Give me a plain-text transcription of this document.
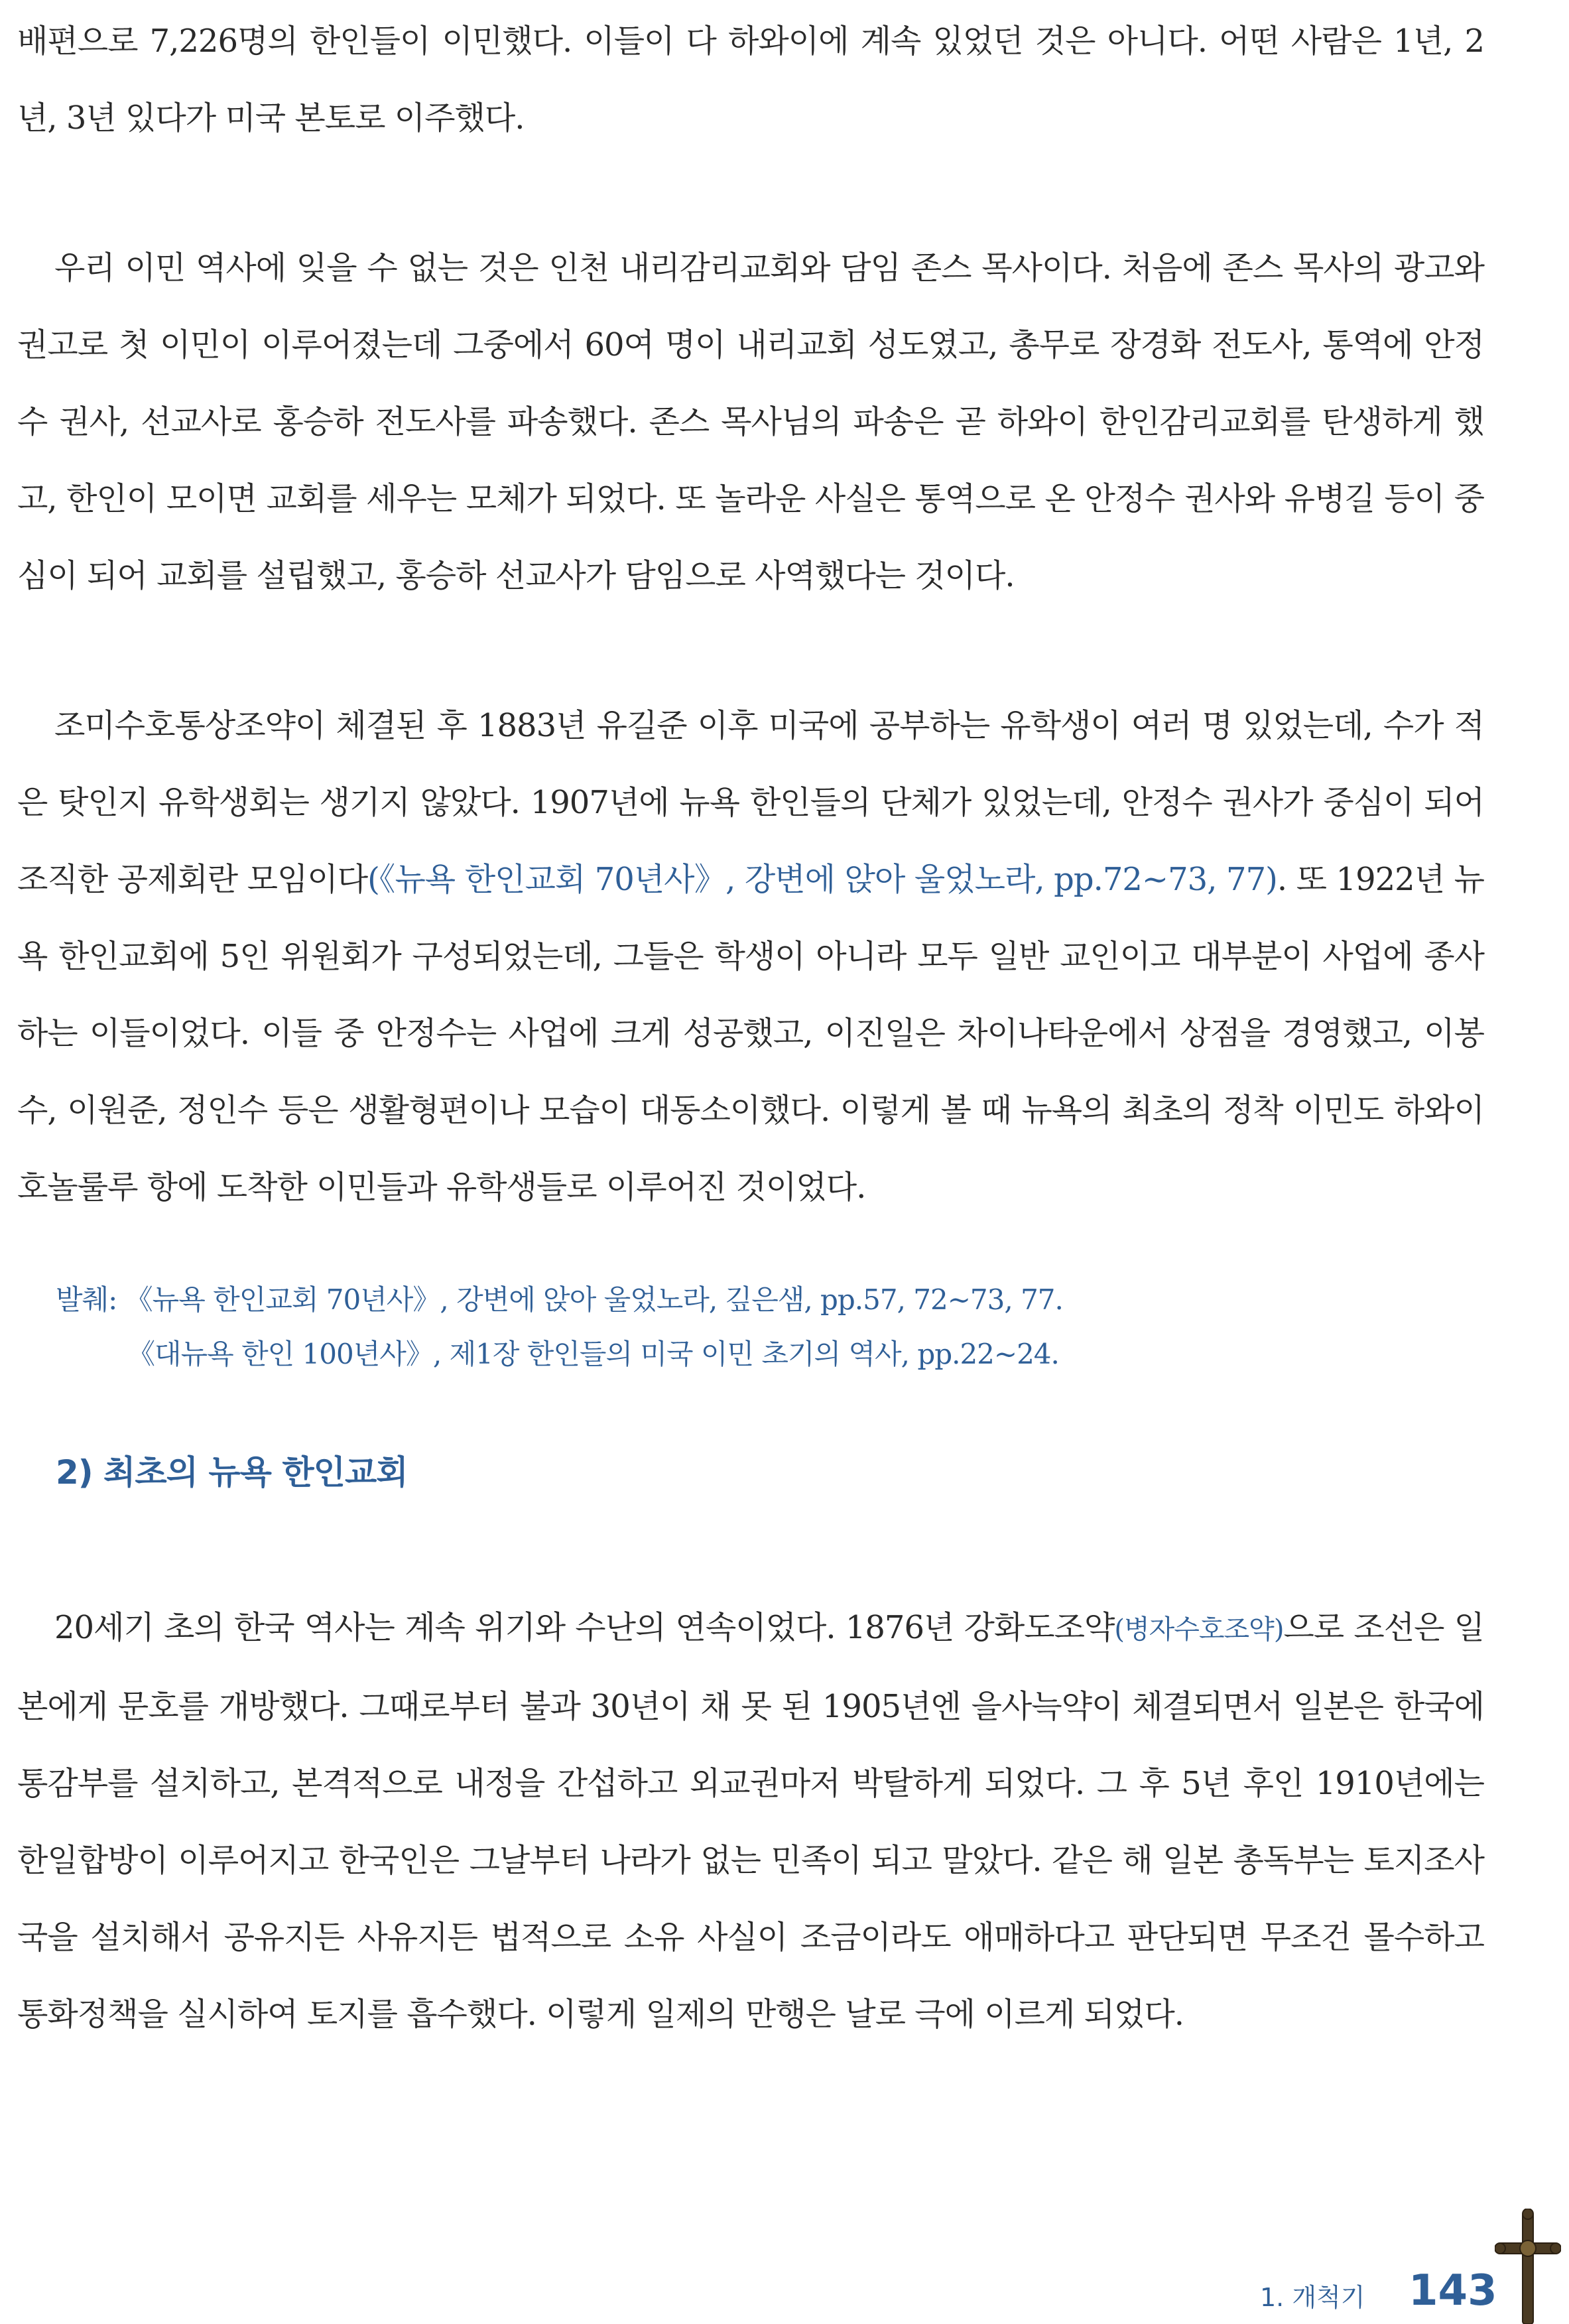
배편으로 7,226명의 한인들이 이민했다. 이들이 다 하와이에 계속 있었던 것은 아니다. 어떤 사람은 1년, 2년, 3년 있다가 미국 본토로 이주했다.

우리 이민 역사에 잊을 수 없는 것은 인천 내리감리교회와 담임 존스 목사이다. 처음에 존스 목사의 광고와 권고로 첫 이민이 이루어졌는데 그중에서 60여 명이 내리교회 성도였고, 총무로 장경화 전도사, 통역에 안정수 권사, 선교사로 홍승하 전도사를 파송했다. 존스 목사님의 파송은 곧 하와이 한인감리교회를 탄생하게 했고, 한인이 모이면 교회를 세우는 모체가 되었다. 또 놀라운 사실은 통역으로 온 안정수 권사와 유병길 등이 중심이 되어 교회를 설립했고, 홍승하 선교사가 담임으로 사역했다는 것이다.

조미수호통상조약이 체결된 후 1883년 유길준 이후 미국에 공부하는 유학생이 여러 명 있었는데, 수가 적은 탓인지 유학생회는 생기지 않았다. 1907년에 뉴욕 한인들의 단체가 있었는데, 안정수 권사가 중심이 되어 조직한 공제회란 모임이다(《뉴욕 한인교회 70년사》, 강변에 앉아 울었노라, pp.72~73, 77). 또 1922년 뉴욕 한인교회에 5인 위원회가 구성되었는데, 그들은 학생이 아니라 모두 일반 교인이고 대부분이 사업에 종사하는 이들이었다. 이들 중 안정수는 사업에 크게 성공했고, 이진일은 차이나타운에서 상점을 경영했고, 이봉수, 이원준, 정인수 등은 생활형편이나 모습이 대동소이했다. 이렇게 볼 때 뉴욕의 최초의 정착 이민도 하와이 호놀룰루 항에 도착한 이민들과 유학생들로 이루어진 것이었다.

발췌: 《뉴욕 한인교회 70년사》, 강변에 앉아 울었노라, 깊은샘, pp.57, 72~73, 77.

《대뉴욕 한인 100년사》, 제1장 한인들의 미국 이민 초기의 역사, pp.22~24.

2) 최초의 뉴욕 한인교회

20세기 초의 한국 역사는 계속 위기와 수난의 연속이었다. 1876년 강화도조약(병자수호조약)으로 조선은 일본에게 문호를 개방했다. 그때로부터 불과 30년이 채 못 된 1905년엔 을사늑약이 체결되면서 일본은 한국에 통감부를 설치하고, 본격적으로 내정을 간섭하고 외교권마저 박탈하게 되었다. 그 후 5년 후인 1910년에는 한일합방이 이루어지고 한국인은 그날부터 나라가 없는 민족이 되고 말았다. 같은 해 일본 총독부는 토지조사국을 설치해서 공유지든 사유지든 법적으로 소유 사실이 조금이라도 애매하다고 판단되면 무조건 몰수하고 통화정책을 실시하여 토지를 흡수했다. 이렇게 일제의 만행은 날로 극에 이르게 되었다.

1. 개척기 143
